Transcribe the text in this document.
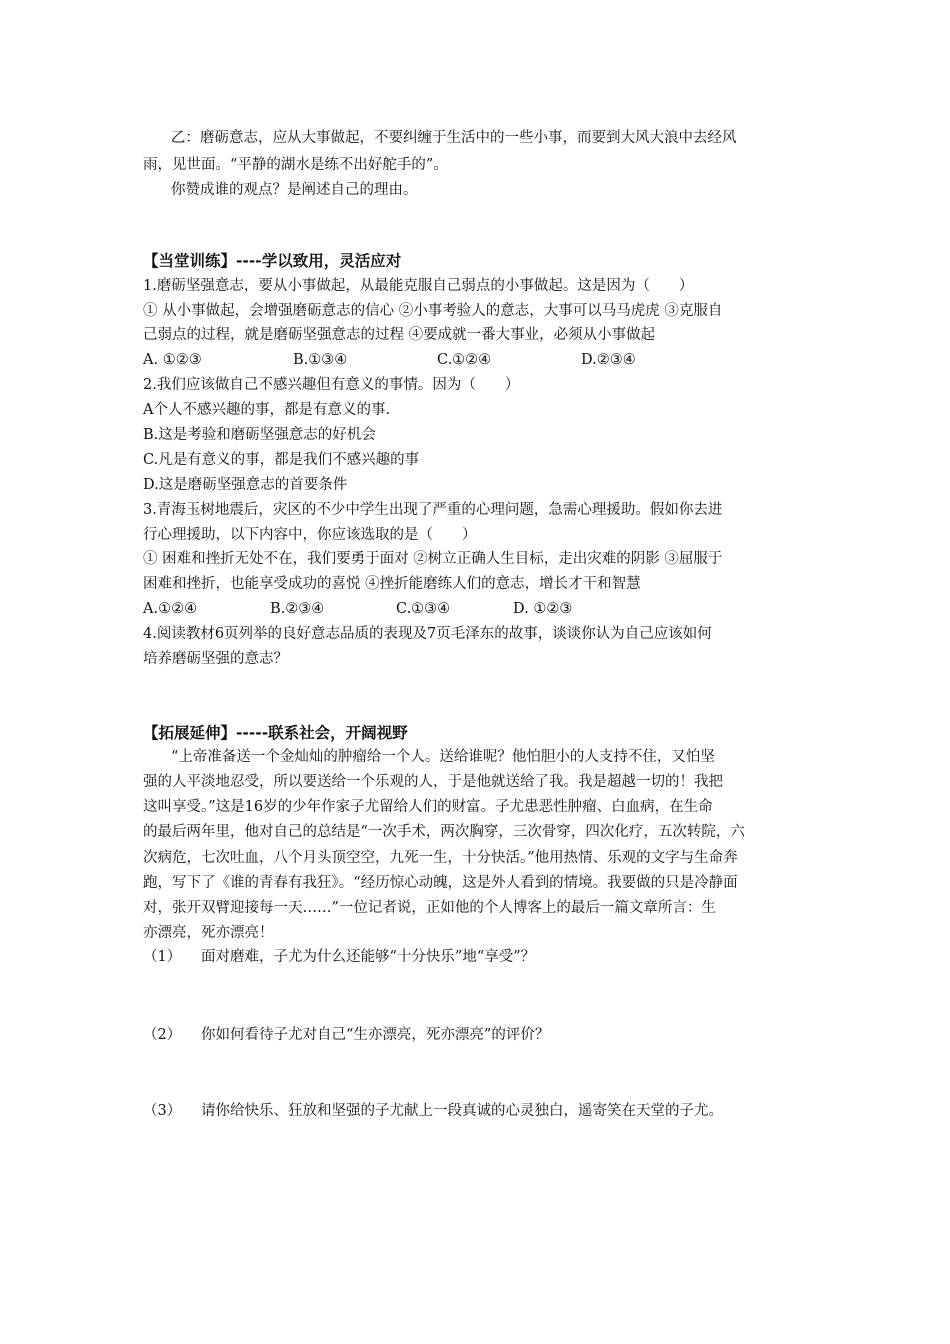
乙：磨砺意志，应从大事做起，不要纠缠于生活中的一些小事，而要到大风大浪中去经风
雨，见世面。“平静的湖水是练不出好舵手的”。
你赞成谁的观点？是阐述自己的理由。
【当堂训练】----学以致用，灵活应对
1.磨砺坚强意志，要从小事做起，从最能克服自己弱点的小事做起。这是因为（　　）
① 从小事做起，会增强磨砺意志的信心 ②小事考验人的意志，大事可以马马虎虎 ③克服自
己弱点的过程，就是磨砺坚强意志的过程 ④要成就一番大事业，必须从小事做起
A. ①②③	B.①③④	C.①②④	D.②③④
2.我们应该做自己不感兴趣但有意义的事情。因为（　　）
A个人不感兴趣的事，都是有意义的事.
B.这是考验和磨砺坚强意志的好机会
C.凡是有意义的事，都是我们不感兴趣的事
D.这是磨砺坚强意志的首要条件
3.青海玉树地震后，灾区的不少中学生出现了严重的心理问题，急需心理援助。假如你去进
行心理援助，以下内容中，你应该选取的是（　　）
① 困难和挫折无处不在，我们要勇于面对 ②树立正确人生目标，走出灾难的阴影 ③屈服于
困难和挫折，也能享受成功的喜悦 ④挫折能磨练人们的意志，增长才干和智慧
A.①②④	B.②③④	C.①③④	D. ①②③
4.阅读教材6页列举的良好意志品质的表现及7页毛泽东的故事，谈谈你认为自己应该如何
培养磨砺坚强的意志？
【拓展延伸】-----联系社会，开阔视野
“上帝准备送一个金灿灿的肿瘤给一个人。送给谁呢？他怕胆小的人支持不住，又怕坚
强的人平淡地忍受，所以要送给一个乐观的人，于是他就送给了我。我是超越一切的！我把
这叫享受。”这是16岁的少年作家子尤留给人们的财富。子尤患恶性肿瘤、白血病，在生命
的最后两年里，他对自己的总结是“一次手术，两次胸穿，三次骨穿，四次化疗，五次转院，六
次病危，七次吐血，八个月头顶空空，九死一生，十分快活。”他用热情、乐观的文字与生命奔
跑，写下了《谁的青春有我狂》。“经历惊心动魄，这是外人看到的情境。我要做的只是冷静面
对，张开双臂迎接每一天……”一位记者说，正如他的个人博客上的最后一篇文章所言：生
亦漂亮，死亦漂亮！
（1） 面对磨难，子尤为什么还能够“十分快乐”地“享受”？
（2） 你如何看待子尤对自己“生亦漂亮，死亦漂亮”的评价？
（3） 请你给快乐、狂放和坚强的子尤献上一段真诚的心灵独白，遥寄笑在天堂的子尤。
